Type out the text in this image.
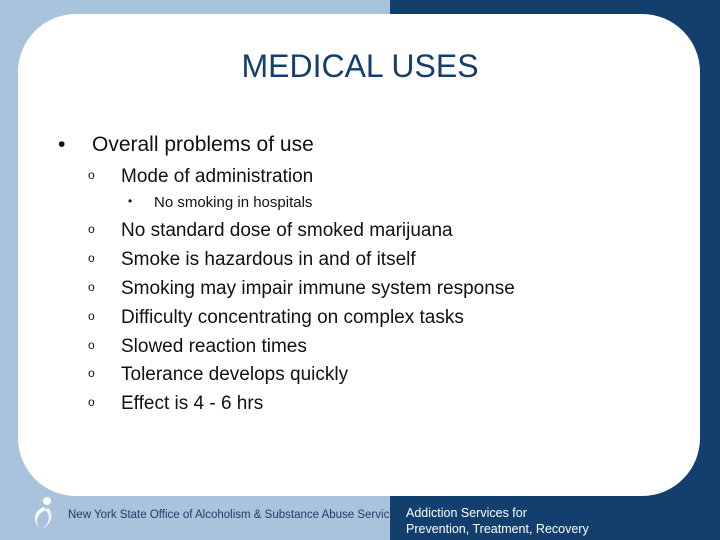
MEDICAL USES
• Overall problems of use
o Mode of administration
• No smoking in hospitals
o No standard dose of smoked marijuana
o Smoke is hazardous in and of itself
o Smoking may impair immune system response
o Difficulty concentrating on complex tasks
o Slowed reaction times
o Tolerance develops quickly
o Effect is 4 - 6 hrs
New York State Office of Alcoholism & Substance Abuse Services Addiction Services for
Prevention, Treatment, Recovery
